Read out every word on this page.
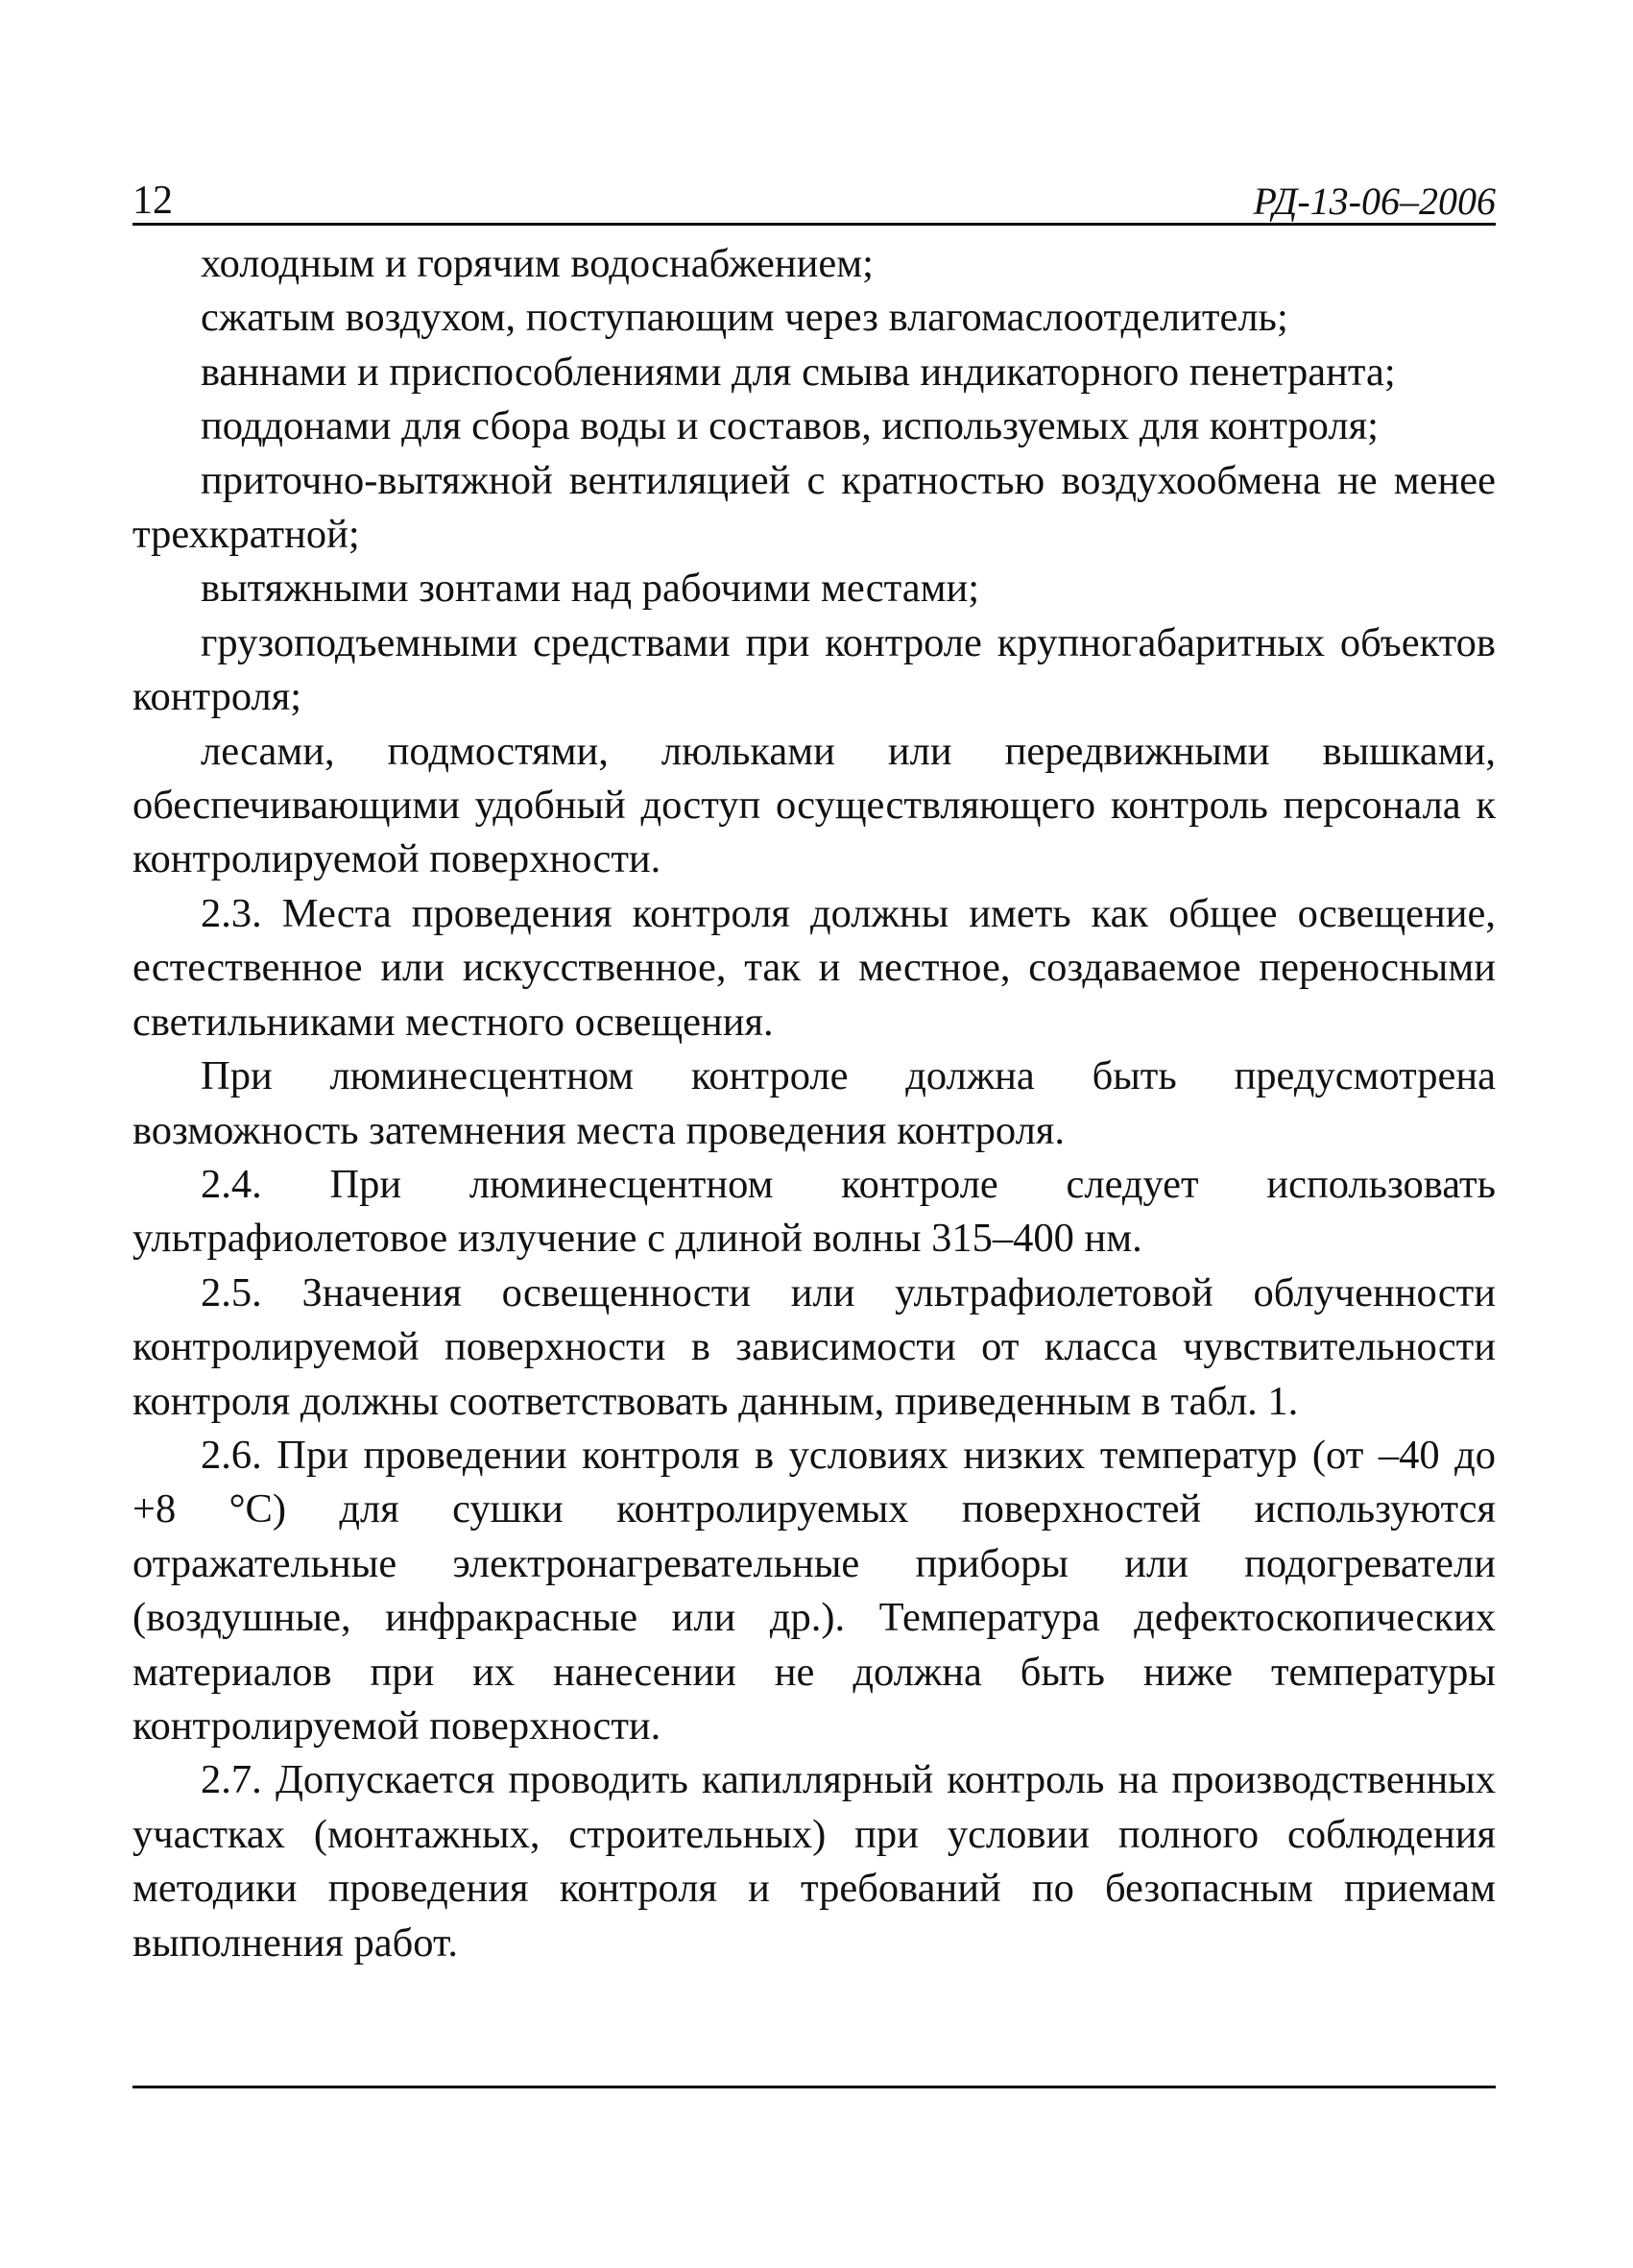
12	РД-13-06–2006

холодным и горячим водоснабжением;

сжатым воздухом, поступающим через влагомаслоотделитель;

ваннами и приспособлениями для смыва индикаторного пенетранта;

поддонами для сбора воды и составов, используемых для контроля;

приточно-вытяжной вентиляцией с кратностью воздухообмена не менее трехкратной;

вытяжными зонтами над рабочими местами;

грузоподъемными средствами при контроле крупногабаритных объектов контроля;

лесами, подмостями, люльками или передвижными вышками, обеспечивающими удобный доступ осуществляющего контроль персонала к контролируемой поверхности.

2.3. Места проведения контроля должны иметь как общее освещение, естественное или искусственное, так и местное, создаваемое переносными светильниками местного освещения.

При люминесцентном контроле должна быть предусмотрена возможность затемнения места проведения контроля.

2.4. При люминесцентном контроле следует использовать ультрафиолетовое излучение с длиной волны 315–400 нм.

2.5. Значения освещенности или ультрафиолетовой облученности контролируемой поверхности в зависимости от класса чувствительности контроля должны соответствовать данным, приведенным в табл. 1.

2.6. При проведении контроля в условиях низких температур (от –40 до +8 °С) для сушки контролируемых поверхностей используются отражательные электронагревательные приборы или подогреватели (воздушные, инфракрасные или др.). Температура дефектоскопических материалов при их нанесении не должна быть ниже температуры контролируемой поверхности.

2.7. Допускается проводить капиллярный контроль на производственных участках (монтажных, строительных) при условии полного соблюдения методики проведения контроля и требований по безопасным приемам выполнения работ.
